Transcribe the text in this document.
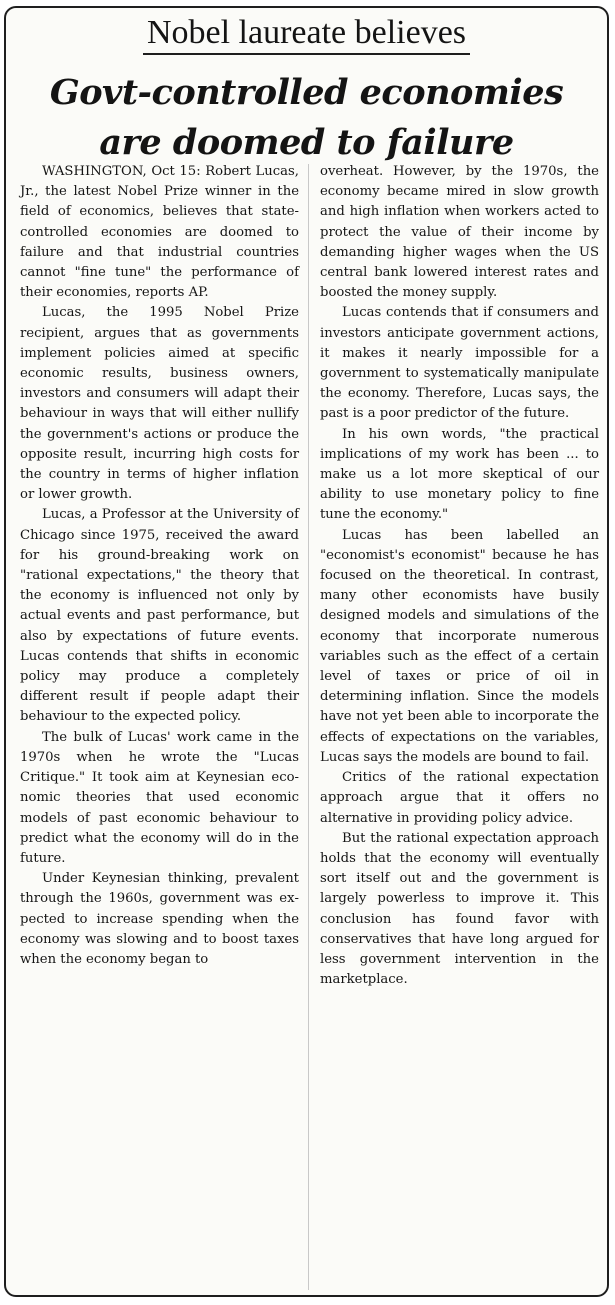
Nobel laureate believes
Govt-controlled economies
are doomed to failure

WASHINGTON, Oct 15: Robert Lucas, Jr., the latest Nobel Prize winner in the field of economics, believes that state-controlled economies are doomed to failure and that industrial countries cannot "fine tune" the performance of their economies, reports AP.

Lucas, the 1995 Nobel Prize recipient, argues that as governments implement policies aimed at specific economic results, business owners, investors and consumers will adapt their behaviour in ways that will either nullify the government's actions or produce the opposite result, incurring high costs for the country in terms of higher inflation or lower growth.

Lucas, a Professor at the University of Chicago since 1975, received the award for his ground-breaking work on "rational expectations," the theory that the economy is influenced not only by actual events and past performance, but also by expectations of future events. Lucas contends that shifts in economic policy may produce a completely different result if people adapt their behaviour to the expected policy.

The bulk of Lucas' work came in the 1970s when he wrote the "Lucas Critique." It took aim at Keynesian economic theories that used economic models of past economic behaviour to predict what the economy will do in the future.

Under Keynesian thinking, prevalent through the 1960s, government was expected to increase spending when the economy was slowing and to boost taxes when the economy began to

overheat. However, by the 1970s, the economy became mired in slow growth and high inflation when workers acted to protect the value of their income by demanding higher wages when the US central bank lowered interest rates and boosted the money supply.

Lucas contends that if consumers and investors anticipate government actions, it makes it nearly impossible for a government to systematically manipulate the economy. Therefore, Lucas says, the past is a poor predictor of the future.

In his own words, "the practical implications of my work has been ... to make us a lot more skeptical of our ability to use monetary policy to fine tune the economy."

Lucas has been labelled an "economist's economist" because he has focused on the theoretical. In contrast, many other economists have busily designed models and simulations of the economy that incorporate numerous variables such as the effect of a certain level of taxes or price of oil in determining inflation. Since the models have not yet been able to incorporate the effects of expectations on the variables, Lucas says the models are bound to fail.

Critics of the rational expectation approach argue that it offers no alternative in providing policy advice.

But the rational expectation approach holds that the economy will eventually sort itself out and the government is largely powerless to improve it. This conclusion has found favor with conservatives that have long argued for less government intervention in the marketplace.
